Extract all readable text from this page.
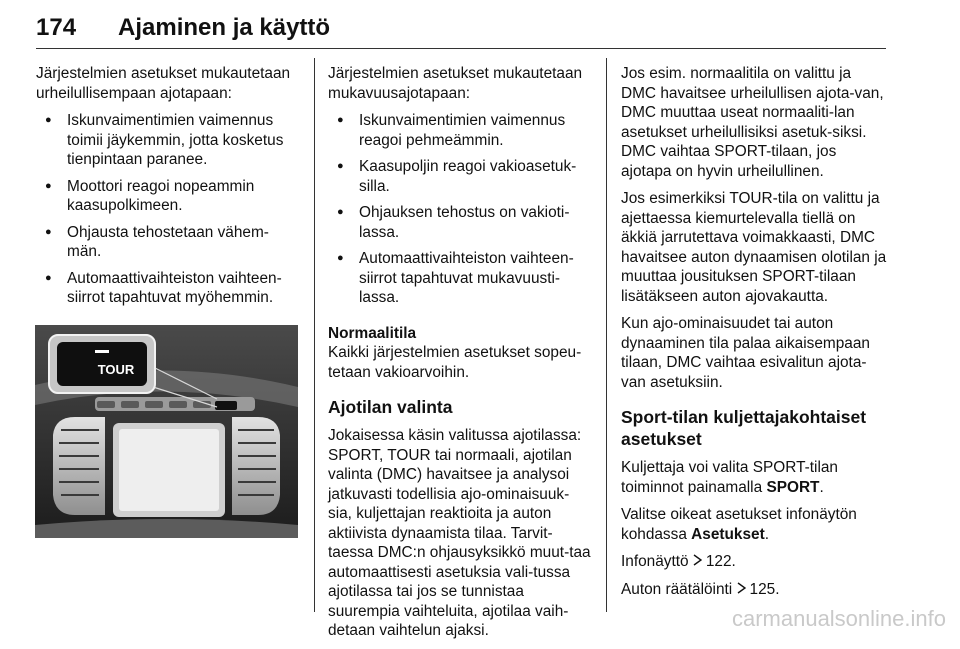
174 Ajaminen ja käyttö

Järjestelmien asetukset mukautetaan urheilullisempaan ajotapaan:

● Iskunvaimentimien vaimennus toimii jäykemmin, jotta kosketus tienpintaan paranee.
● Moottori reagoi nopeammin kaasupolkimeen.
● Ohjausta tehostetaan vähem-män.
● Automaattivaihteiston vaihteen-siirrot tapahtuvat myöhemmin.
TOUR

Järjestelmien asetukset mukautetaan mukavuusajotapaan:

● Iskunvaimentimien vaimennus reagoi pehmeämmin.
● Kaasupoljin reagoi vakioasetuk-silla.
● Ohjauksen tehostus on vakioti-lassa.
● Automaattivaihteiston vaihteen-siirrot tapahtuvat mukavuusti-lassa.
Normaalitila

Kaikki järjestelmien asetukset sopeu-tetaan vakioarvoihin.

Ajotilan valinta

Jokaisessa käsin valitussa ajotilassa: SPORT, TOUR tai normaali, ajotilan valinta (DMC) havaitsee ja analysoi jatkuvasti todellisia ajo-ominaisuuk-sia, kuljettajan reaktioita ja auton aktiivista dynaamista tilaa. Tarvit-taessa DMC:n ohjausyksikkö muut-taa automaattisesti asetuksia vali-tussa ajotilassa tai jos se tunnistaa suurempia vaihteluita, ajotilaa vaih-detaan vaihtelun ajaksi.

Jos esim. normaalitila on valittu ja DMC havaitsee urheilullisen ajota-van, DMC muuttaa useat normaaliti-lan asetukset urheilullisiksi asetuk-siksi. DMC vaihtaa SPORT-tilaan, jos ajotapa on hyvin urheilullinen.

Jos esimerkiksi TOUR-tila on valittu ja ajettaessa kiemurtelevalla tiellä on äkkiä jarrutettava voimakkaasti, DMC havaitsee auton dynaamisen olotilan ja muuttaa jousituksen SPORT-tilaan lisätäkseen auton ajovakautta.

Kun ajo-ominaisuudet tai auton dynaaminen tila palaa aikaisempaan tilaan, DMC vaihtaa esivalitun ajota-van asetuksiin.

Sport-tilan kuljettajakohtaiset asetukset

Kuljettaja voi valita SPORT-tilan toiminnot painamalla SPORT.

Valitse oikeat asetukset infonäytön kohdassa Asetukset.

Infonäyttö 122.

Auton räätälöinti 125.

carmanualsonline.info
